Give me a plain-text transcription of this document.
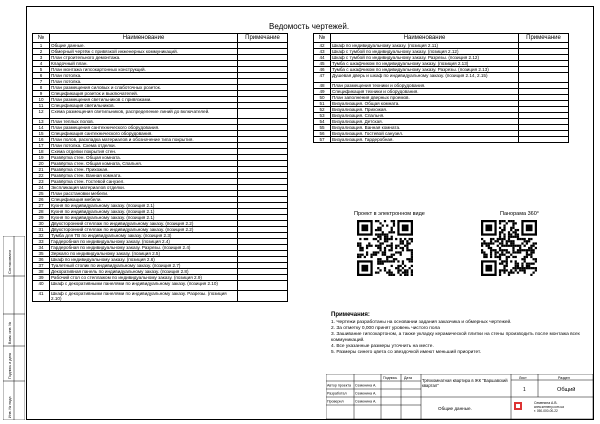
Ведомость чертежей.
№	Наименование	Примечание
1	Общие данные.	
2	Обмерный чертёж с привязкой инженерных коммуникаций.	
3	План строительного демонтажа.	
4	Кладочный план.	
5	План монтажа гипсокартонных конструкций.	
6	План потолка.	
7	План потолка.	
8	План размещения силовых и слаботочных розеток.	
9	Спецификация розеток и выключателей.	
10	План размещения светильников с привязками.	
11	Спецификация светильников.	
12	Схема размещения светильников, распределение линий до включателей.	
13	План теплых полов.	
14	План размещения сантехнического оборудования.	
15	Спецификация сантехнического оборудования.	
16	План полов, раскладка материалов и обозначение типа покрытия.	
17	План потолка. Схема отделки.	
18	Схема отделки покрытия стен.	
19	Развёртка стен. Общая комната.	
20	Развёртка стен. Общая комната, Спальня.	
21	Развёртка стен. Прихожая.	
22	Развёртка стен. Ванная комната.	
23	Развёртка стен. Гостевой санузел.	
24	Экспликация материалов отделки.	
25	План расстановки мебели.	
26	Спецификация мебели.	
27	Кухня по индивидуальному заказу. (позиция 2.1)	
28	Кухня по индивидуальному заказу. (позиция 2.1)	
29	Кухня по индивидуальному заказу. (позиция 2.1)	
30	Двухсторонний стеллаж по индивидуальному заказу. (позиция 2.2)	
31	Двухсторонний стеллаж по индивидуальному заказу. (позиция 2.2)	
32	Тумба для ТВ по индивидуальному заказу. (позиция 2.3)	
33	Гардеробная по индивидуальному заказу. (позиция 2.4)	
34	Гардеробная по индивидуальному заказу. Разрезы. (позиция 2.4)	
35	Зеркало по индивидуальному заказу. (позиция 2.5)	
36	Шкаф по индивидуальному заказу. (позиция 2.6)	
37	Туалетный столик по индивидуальному заказу. (позиция 2.7)	
38	Декоративная панель по индивидуальному заказу. (позиция 2.8)	
39	Рабочий стол со стеллажом по индивидуальному заказу. (позиция 2.9)	
40	Шкаф с декоративными панелями по индивидуальному заказу. (позиция 2.10)	
41	Шкаф с декоративными панелями по индивидуальному заказу. Разрезы. (позиция 2.10)	
№	Наименование	Примечание
42	Шкаф по индивидуальному заказу. (позиция 2.11)	
43	Шкаф с тумбой по индивидуальному заказу. (позиция 2.12)	
44	Шкаф с тумбой по индивидуальному заказу. Разрезы. (позиция 2.12)	
45	Тумба с шкафчиком по индивидуальному заказу. (позиция 2.13)	
46	Тумба с шкафчиком по индивидуальному заказу. Разрезы. (позиция 2.13)	
47	Душевая дверь и шкаф по индивидуальному заказу. (позиция 2.14, 2.15)	
48	План размещения техники и оборудования.	
49	Спецификация техники и оборудования.	
50	План заполнения дверных проемов.	
51	Визуализация. Общая комната.	
52	Визуализация. Прихожая.	
53	Визуализация. Спальня.	
54	Визуализация. Детская.	
55	Визуализация. Ванная комната.	
56	Визуализация. Гостевой санузел.	
57	Визуализация. Гардеробная.	
Проект в электронном виде	Панорама 360°
Примечания:
1. Чертежи разработаны на основании задания заказчика и обмерных чертежей.
2. За отметку 0,000 принят уровень чистого пола
3. Зашивание гипсокартоном, а также укладку керамической плитки на стены производить после монтажа всех коммуникаций.
4. Все указанные размеры уточнить на месте.
5. Размеры синего цвета со звездочкой имеют меньший приоритет.
Подпись Дата
Автор проекта Семенина А.
Разработал Семенина А.
Проверил	Семенина А.
Трёхкомнатная квартира в ЖК "Варшавский квартал"
Общие данные.
Лист	Раздел
1	Общий
Семенина А.В.
www.semeny.com.ua
т. 050-000-00-22
Согласовано
Взам. инв. №
Подпись и дата
Инв. № подл.
